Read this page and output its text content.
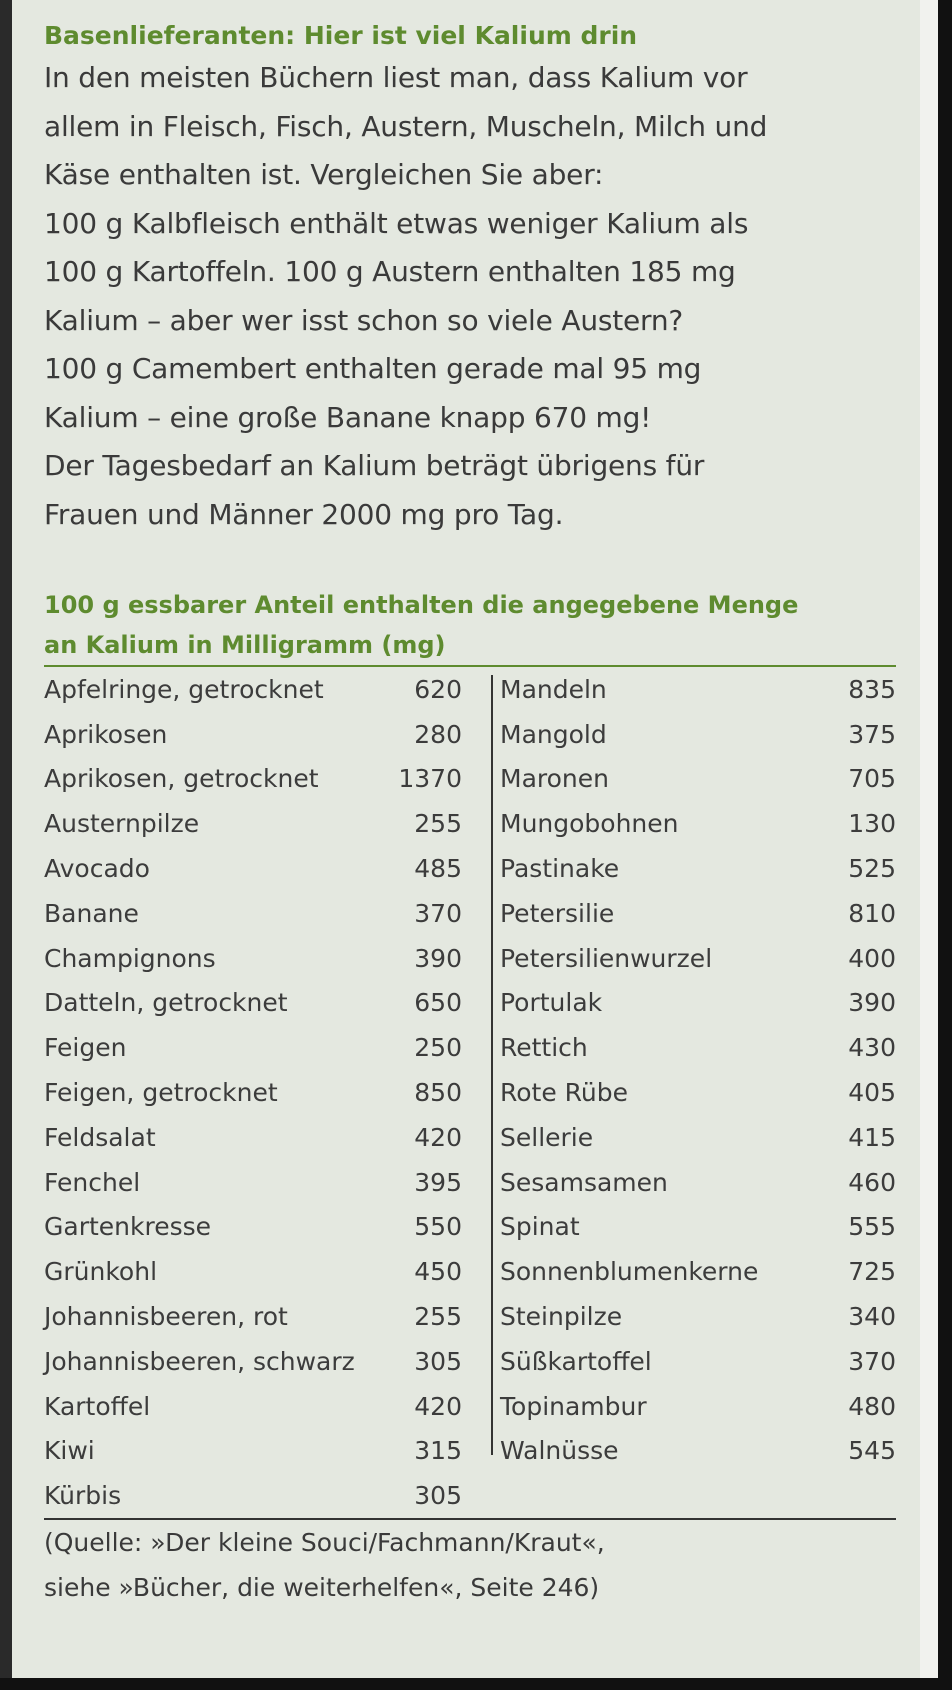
Basenlieferanten: Hier ist viel Kalium drin

In den meisten Büchern liest man, dass Kalium vor

allem in Fleisch, Fisch, Austern, Muscheln, Milch und

Käse enthalten ist. Vergleichen Sie aber:

100 g Kalbfleisch enthält etwas weniger Kalium als

100 g Kartoffeln. 100 g Austern enthalten 185 mg

Kalium – aber wer isst schon so viele Austern?

100 g Camembert enthalten gerade mal 95 mg

Kalium – eine große Banane knapp 670 mg!

Der Tagesbedarf an Kalium beträgt übrigens für

Frauen und Männer 2000 mg pro Tag.

100 g essbarer Anteil enthalten die angegebene Menge
an Kalium in Milligramm (mg)
Apfelringe, getrocknet	620
Aprikosen	280
Aprikosen, getrocknet	1370
Austernpilze	255
Avocado	485
Banane	370
Champignons	390
Datteln, getrocknet	650
Feigen	250
Feigen, getrocknet	850
Feldsalat	420
Fenchel	395
Gartenkresse	550
Grünkohl	450
Johannisbeeren, rot	255
Johannisbeeren, schwarz 305
Kartoffel	420
Kiwi	315
Kürbis	305
Mandeln	835
Mangold	375
Maronen	705
Mungobohnen	130
Pastinake	525
Petersilie	810
Petersilienwurzel	400
Portulak	390
Rettich	430
Rote Rübe	405
Sellerie	415
Sesamsamen	460
Spinat	555
Sonnenblumenkerne	725
Steinpilze	340
Süßkartoffel	370
Topinambur	480
Walnüsse	545

(Quelle: »Der kleine Souci/Fachmann/Kraut«,

siehe »Bücher, die weiterhelfen«, Seite 246)
